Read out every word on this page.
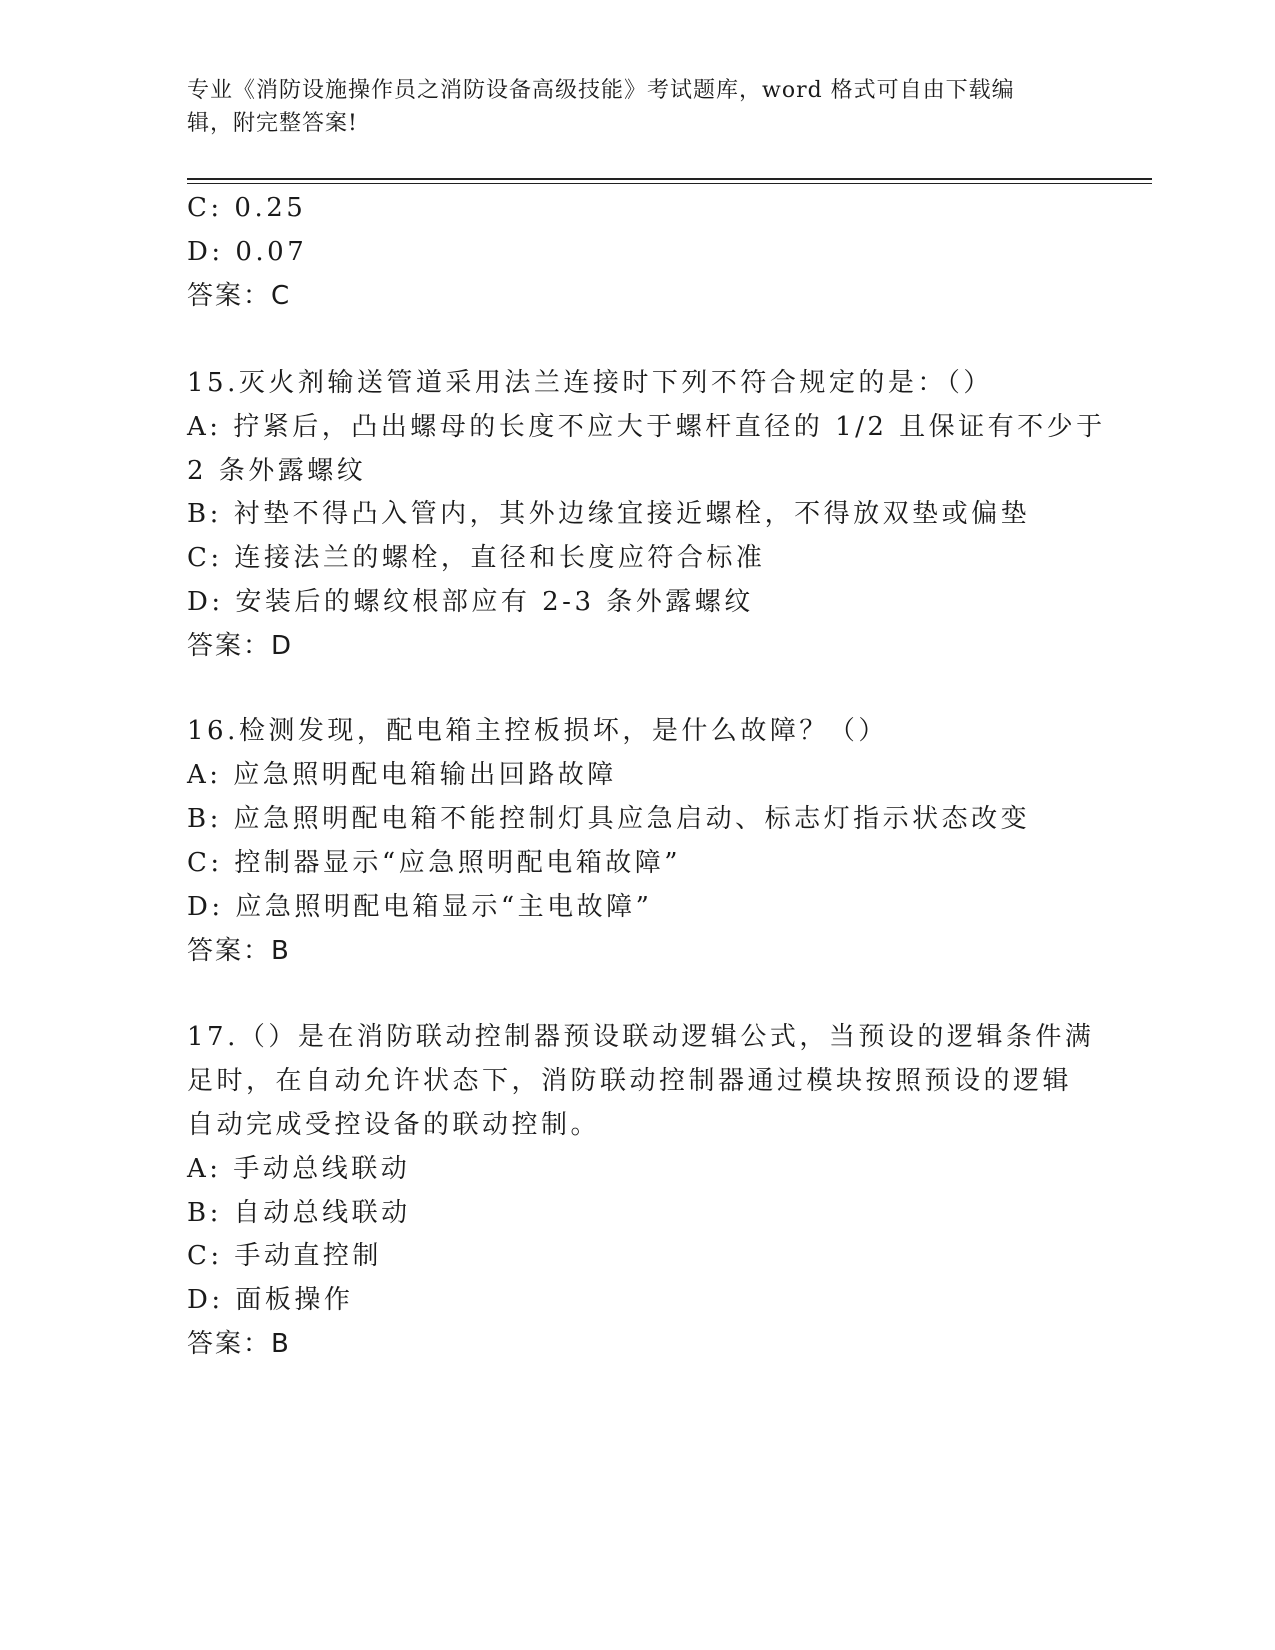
专业《消防设施操作员之消防设备高级技能》考试题库，word 格式可自由下载编
辑，附完整答案!
C: 0.25
D: 0.07
答案：C
15.灭火剂输送管道采用法兰连接时下列不符合规定的是：（）
A: 拧紧后，凸出螺母的长度不应大于螺杆直径的 1/2 且保证有不少于
2 条外露螺纹
B: 衬垫不得凸入管内，其外边缘宜接近螺栓，不得放双垫或偏垫
C: 连接法兰的螺栓，直径和长度应符合标准
D: 安装后的螺纹根部应有 2-3 条外露螺纹
答案：D
16.检测发现，配电箱主控板损坏，是什么故障？（）
A: 应急照明配电箱输出回路故障
B: 应急照明配电箱不能控制灯具应急启动、标志灯指示状态改变
C: 控制器显示“应急照明配电箱故障”
D: 应急照明配电箱显示“主电故障”
答案：B
17.（）是在消防联动控制器预设联动逻辑公式，当预设的逻辑条件满
足时，在自动允许状态下，消防联动控制器通过模块按照预设的逻辑
自动完成受控设备的联动控制。
A: 手动总线联动
B: 自动总线联动
C: 手动直控制
D: 面板操作
答案：B
